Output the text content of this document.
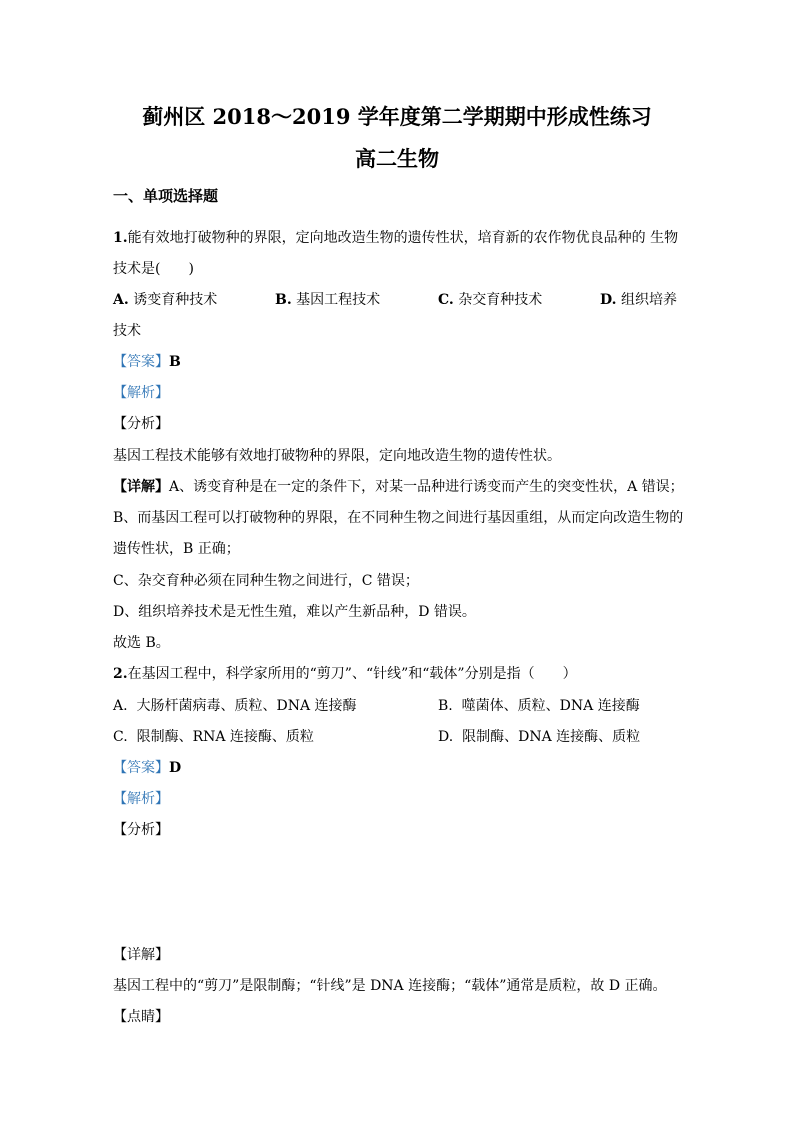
蓟州区 2018～2019 学年度第二学期期中形成性练习
高二生物
一、单项选择题
1.能有效地打破物种的界限，定向地改造生物的遗传性状，培育新的农作物优良品种的 生物
技术是(　　)
A. 诱变育种技术	B. 基因工程技术	C. 杂交育种技术	D. 组织培养
技术
【答案】B
【解析】
【分析】
基因工程技术能够有效地打破物种的界限，定向地改造生物的遗传性状。
【详解】A、诱变育种是在一定的条件下，对某一品种进行诱变而产生的突变性状，A 错误；
B、而基因工程可以打破物种的界限，在不同种生物之间进行基因重组，从而定向改造生物的
遗传性状，B 正确；
C、杂交育种必须在同种生物之间进行，C 错误；
D、组织培养技术是无性生殖，难以产生新品种，D 错误。
故选 B。
2.在基因工程中，科学家所用的“剪刀”、“针线”和“载体”分别是指（　　）
A. 大肠杆菌病毒、质粒、DNA 连接酶	B. 噬菌体、质粒、DNA 连接酶
C. 限制酶、RNA 连接酶、质粒	D. 限制酶、DNA 连接酶、质粒
【答案】D
【解析】
【分析】
【详解】
基因工程中的“剪刀”是限制酶；“针线”是 DNA 连接酶；“载体”通常是质粒，故 D 正确。
【点睛】
